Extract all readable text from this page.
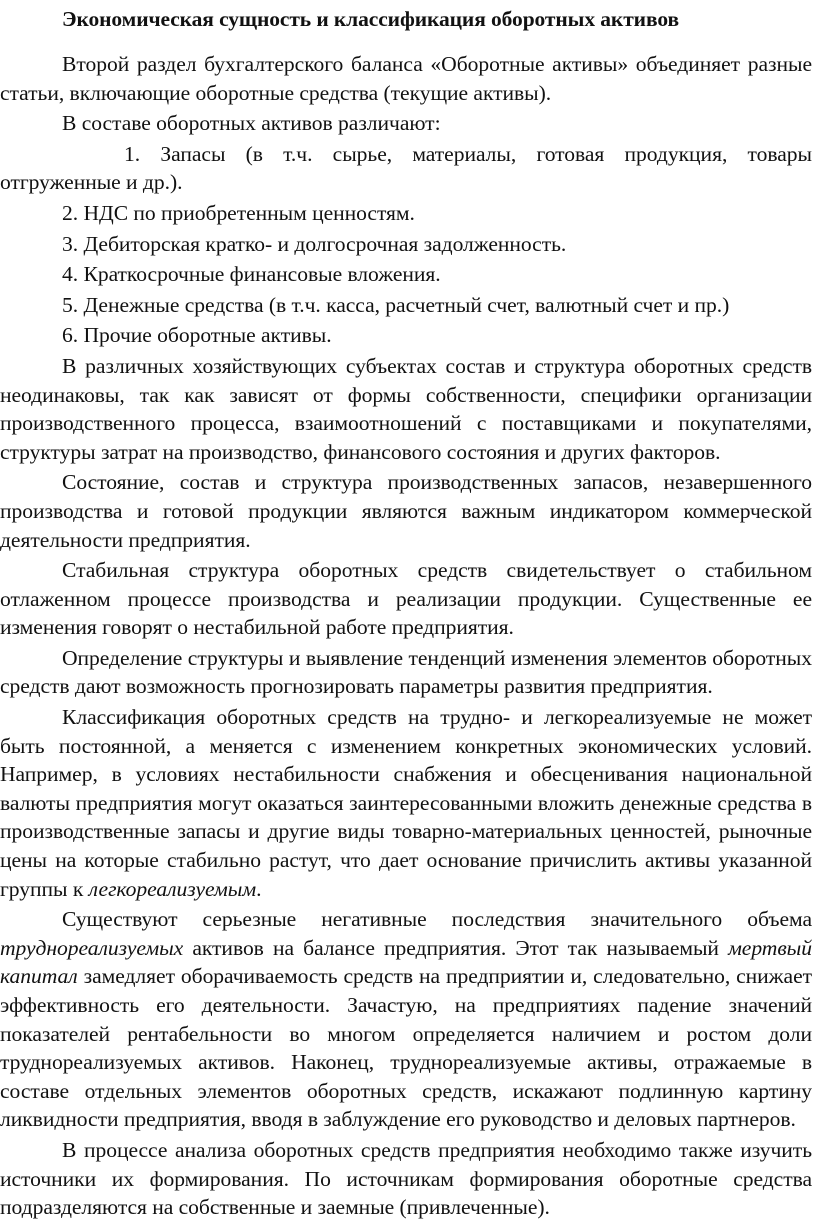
Экономическая сущность и классификация оборотных активов

Второй раздел бухгалтерского баланса «Оборотные активы» объединяет разные статьи, включающие оборотные средства (текущие активы).

В составе оборотных активов различают:

1. Запасы (в т.ч. сырье, материалы, готовая продукция, товары отгруженные и др.).

2. НДС по приобретенным ценностям.

3. Дебиторская кратко- и долгосрочная задолженность.

4. Краткосрочные финансовые вложения.

5. Денежные средства (в т.ч. касса, расчетный счет, валютный счет и пр.)

6. Прочие оборотные активы.

В различных хозяйствующих субъектах состав и структура оборотных средств неодинаковы, так как зависят от формы собственности, специфики организации производственного процесса, взаимоотношений с поставщиками и покупателями, структуры затрат на производство, финансового состояния и других факторов.

Состояние, состав и структура производственных запасов, незавершенного производства и готовой продукции являются важным индикатором коммерческой деятельности предприятия.

Стабильная структура оборотных средств свидетельствует о стабильном отлаженном процессе производства и реализации продукции. Существенные ее изменения говорят о нестабильной работе предприятия.

Определение структуры и выявление тенденций изменения элементов оборотных средств дают возможность прогнозировать параметры развития предприятия.

Классификация оборотных средств на трудно- и легкореализуемые не может быть постоянной, а меняется с изменением конкретных экономических условий. Например, в условиях нестабильности снабжения и обесценивания национальной валюты предприятия могут оказаться заинтересованными вложить денежные средства в производственные запасы и другие виды товарно-материальных ценностей, рыночные цены на которые стабильно растут, что дает основание причислить активы указанной группы к легкореализуемым.

Существуют серьезные негативные последствия значительного объема труднореализуемых активов на балансе предприятия. Этот так называемый мертвый капитал замедляет оборачиваемость средств на предприятии и, следовательно, снижает эффективность его деятельности. Зачастую, на предприятиях падение значений показателей рентабельности во многом определяется наличием и ростом доли труднореализуемых активов. Наконец, труднореализуемые активы, отражаемые в составе отдельных элементов оборотных средств, искажают подлинную картину ликвидности предприятия, вводя в заблуждение его руководство и деловых партнеров.

В процессе анализа оборотных средств предприятия необходимо также изучить источники их формирования. По источникам формирования оборотные средства подразделяются на собственные и заемные (привлеченные).
